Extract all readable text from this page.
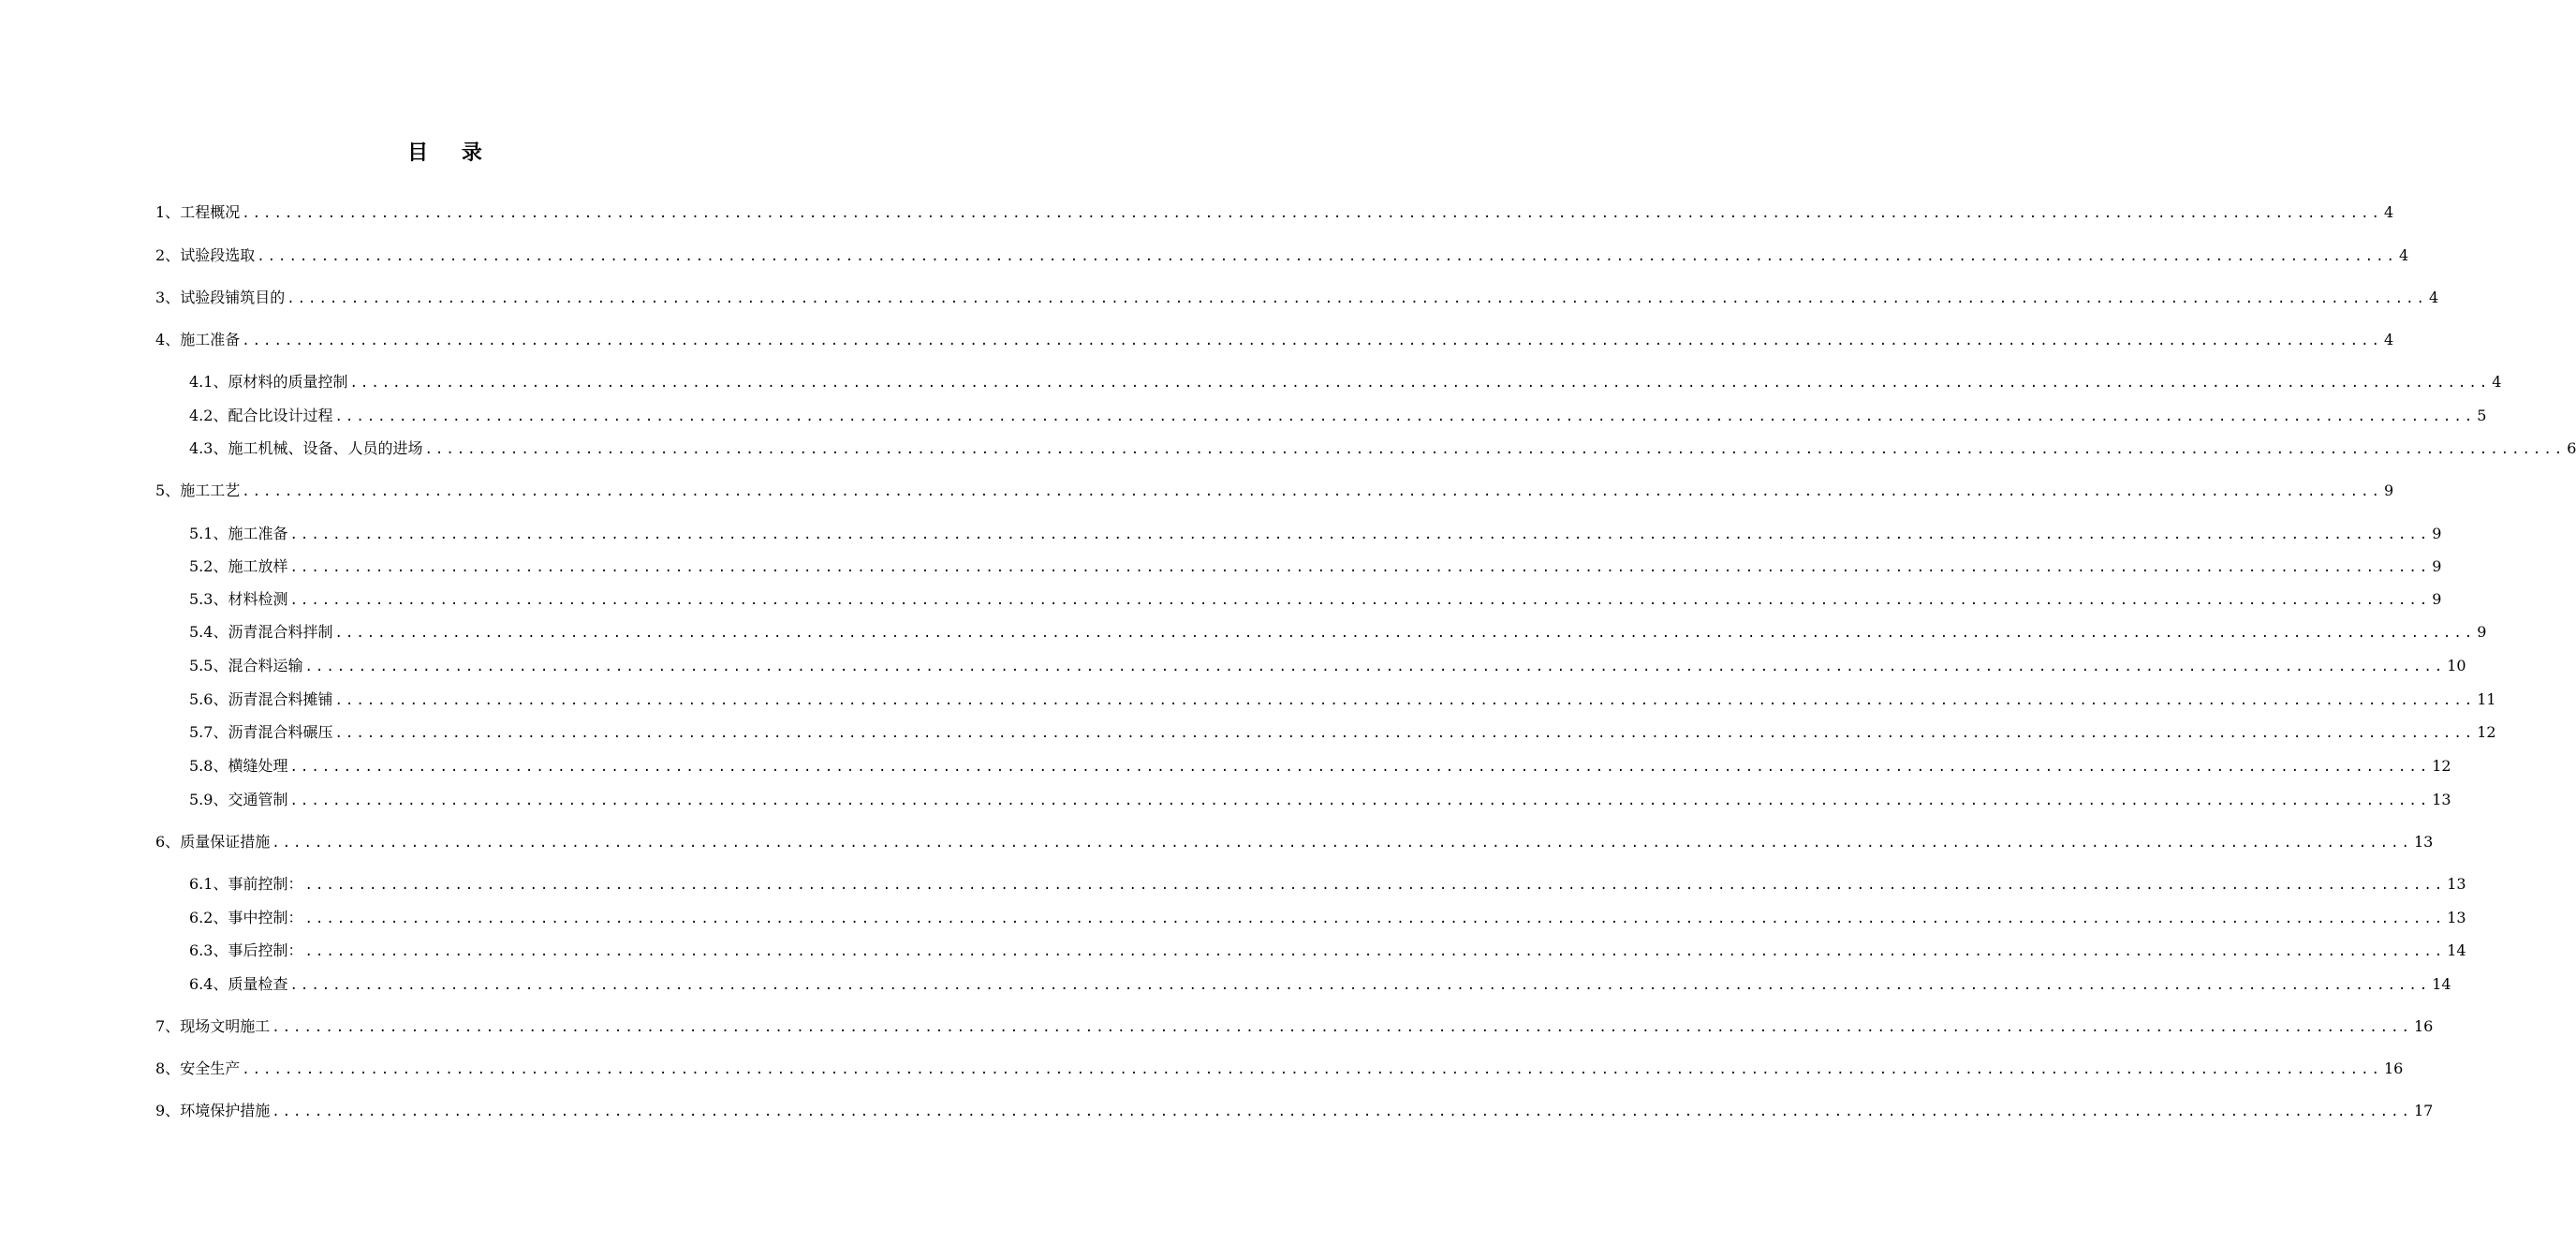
目 录
1、 工程概况 ........................................................................................................................................................................................................ 4
2、 试验段选取 ........................................................................................................................................................................................................ 4
3、 试验段铺筑目的 ........................................................................................................................................................................................................ 4
4、 施工准备 ........................................................................................................................................................................................................ 4
4.1、 原材料的质量控制 ........................................................................................................................................................................................................ 4
4.2、 配合比设计过程 ........................................................................................................................................................................................................ 5
4.3、 施工机械、设备、人员的进场 ........................................................................................................................................................................................................ 6
5、 施工工艺 ........................................................................................................................................................................................................ 9
5.1、 施工准备 ........................................................................................................................................................................................................ 9
5.2、 施工放样 ........................................................................................................................................................................................................ 9
5.3、 材料检测 ........................................................................................................................................................................................................ 9
5.4、 沥青混合料拌制 ........................................................................................................................................................................................................ 9
5.5、 混合料运输 ........................................................................................................................................................................................................ 10
5.6、 沥青混合料摊铺 ........................................................................................................................................................................................................ 11
5.7、 沥青混合料碾压 ........................................................................................................................................................................................................ 12
5.8、 横缝处理 ........................................................................................................................................................................................................ 12
5.9、 交通管制 ........................................................................................................................................................................................................ 13
6、 质量保证措施 ........................................................................................................................................................................................................ 13
6.1、 事前控制： ........................................................................................................................................................................................................ 13
6.2、 事中控制： ........................................................................................................................................................................................................ 13
6.3、 事后控制： ........................................................................................................................................................................................................ 14
6.4、 质量检查 ........................................................................................................................................................................................................ 14
7、 现场文明施工 ........................................................................................................................................................................................................ 16
8、 安全生产 ........................................................................................................................................................................................................ 16
9、 环境保护措施 ........................................................................................................................................................................................................ 17
